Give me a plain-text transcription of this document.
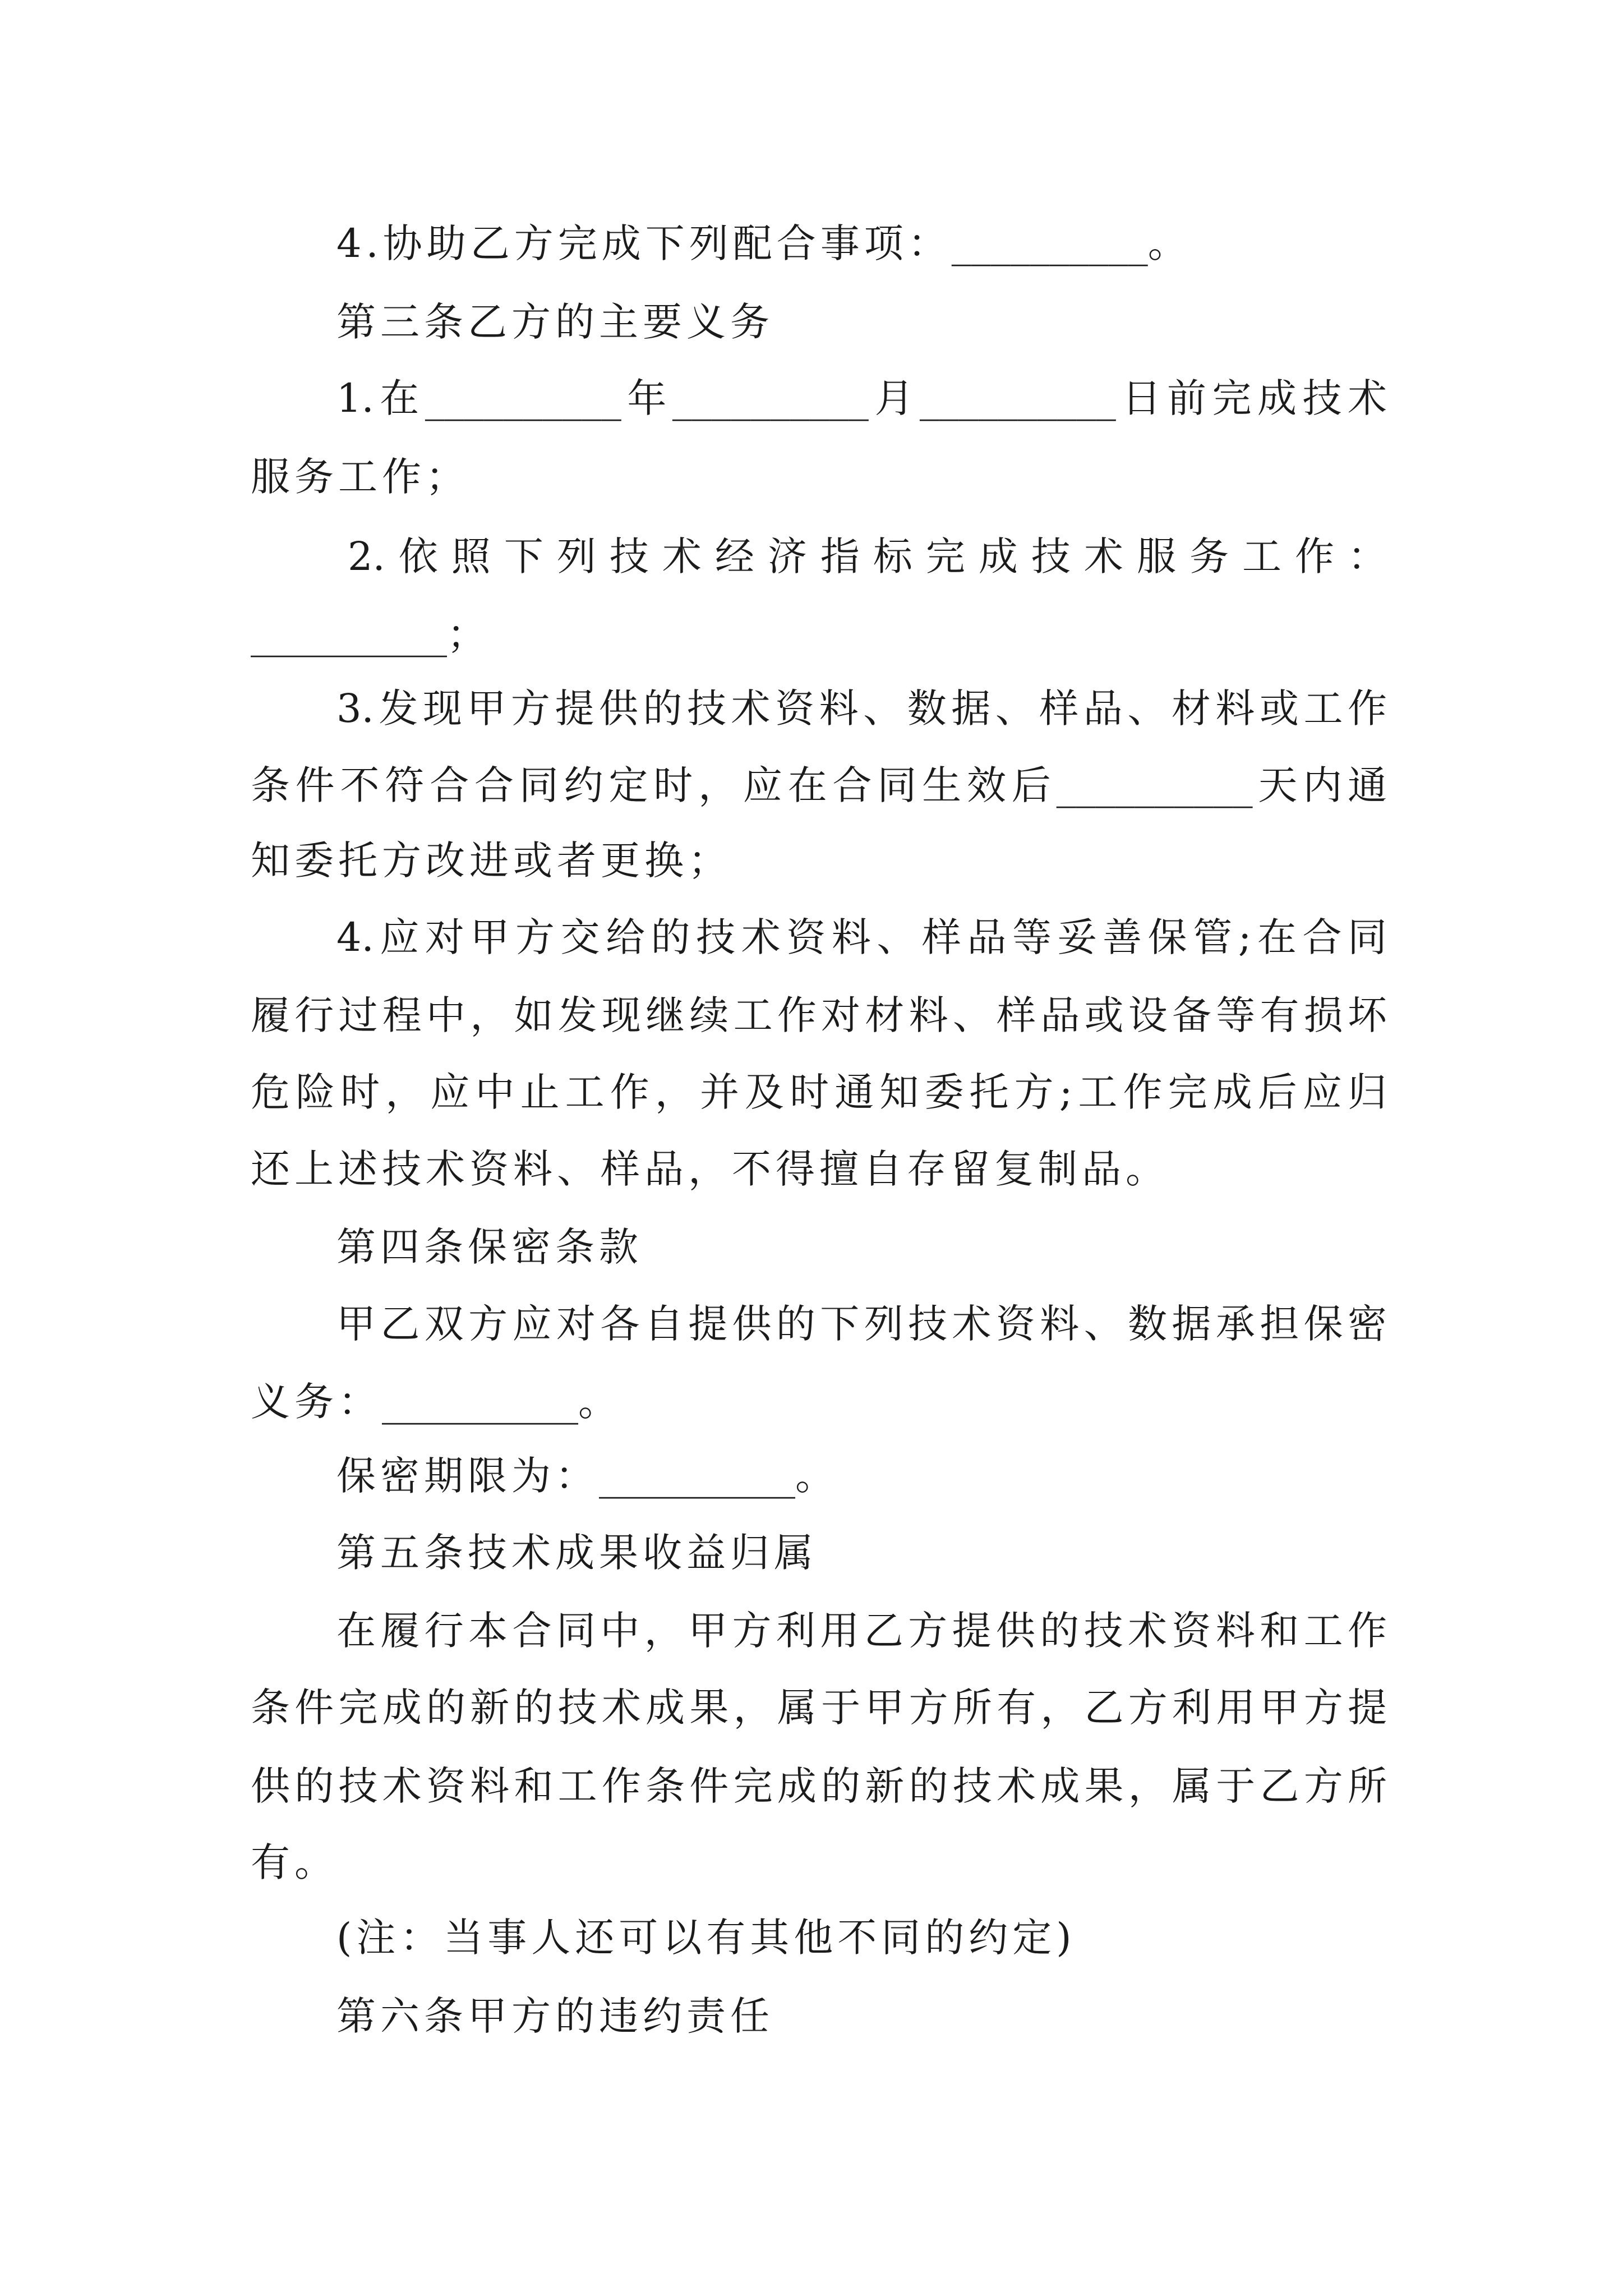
4.协助乙方完成下列配合事项：__________。
第三条乙方的主要义务
1.在__________年__________月__________日前完成技术
服务工作；
2.依照下列技术经济指标完成技术服务工作：
__________；
3.发现甲方提供的技术资料、数据、样品、材料或工作
条件不符合合同约定时，应在合同生效后__________天内通
知委托方改进或者更换；
4.应对甲方交给的技术资料、样品等妥善保管;在合同
履行过程中，如发现继续工作对材料、样品或设备等有损坏
危险时，应中止工作，并及时通知委托方;工作完成后应归
还上述技术资料、样品，不得擅自存留复制品。
第四条保密条款
甲乙双方应对各自提供的下列技术资料、数据承担保密
义务：__________。
保密期限为：__________。
第五条技术成果收益归属
在履行本合同中，甲方利用乙方提供的技术资料和工作
条件完成的新的技术成果，属于甲方所有，乙方利用甲方提
供的技术资料和工作条件完成的新的技术成果，属于乙方所
有。
(注：当事人还可以有其他不同的约定)
第六条甲方的违约责任
